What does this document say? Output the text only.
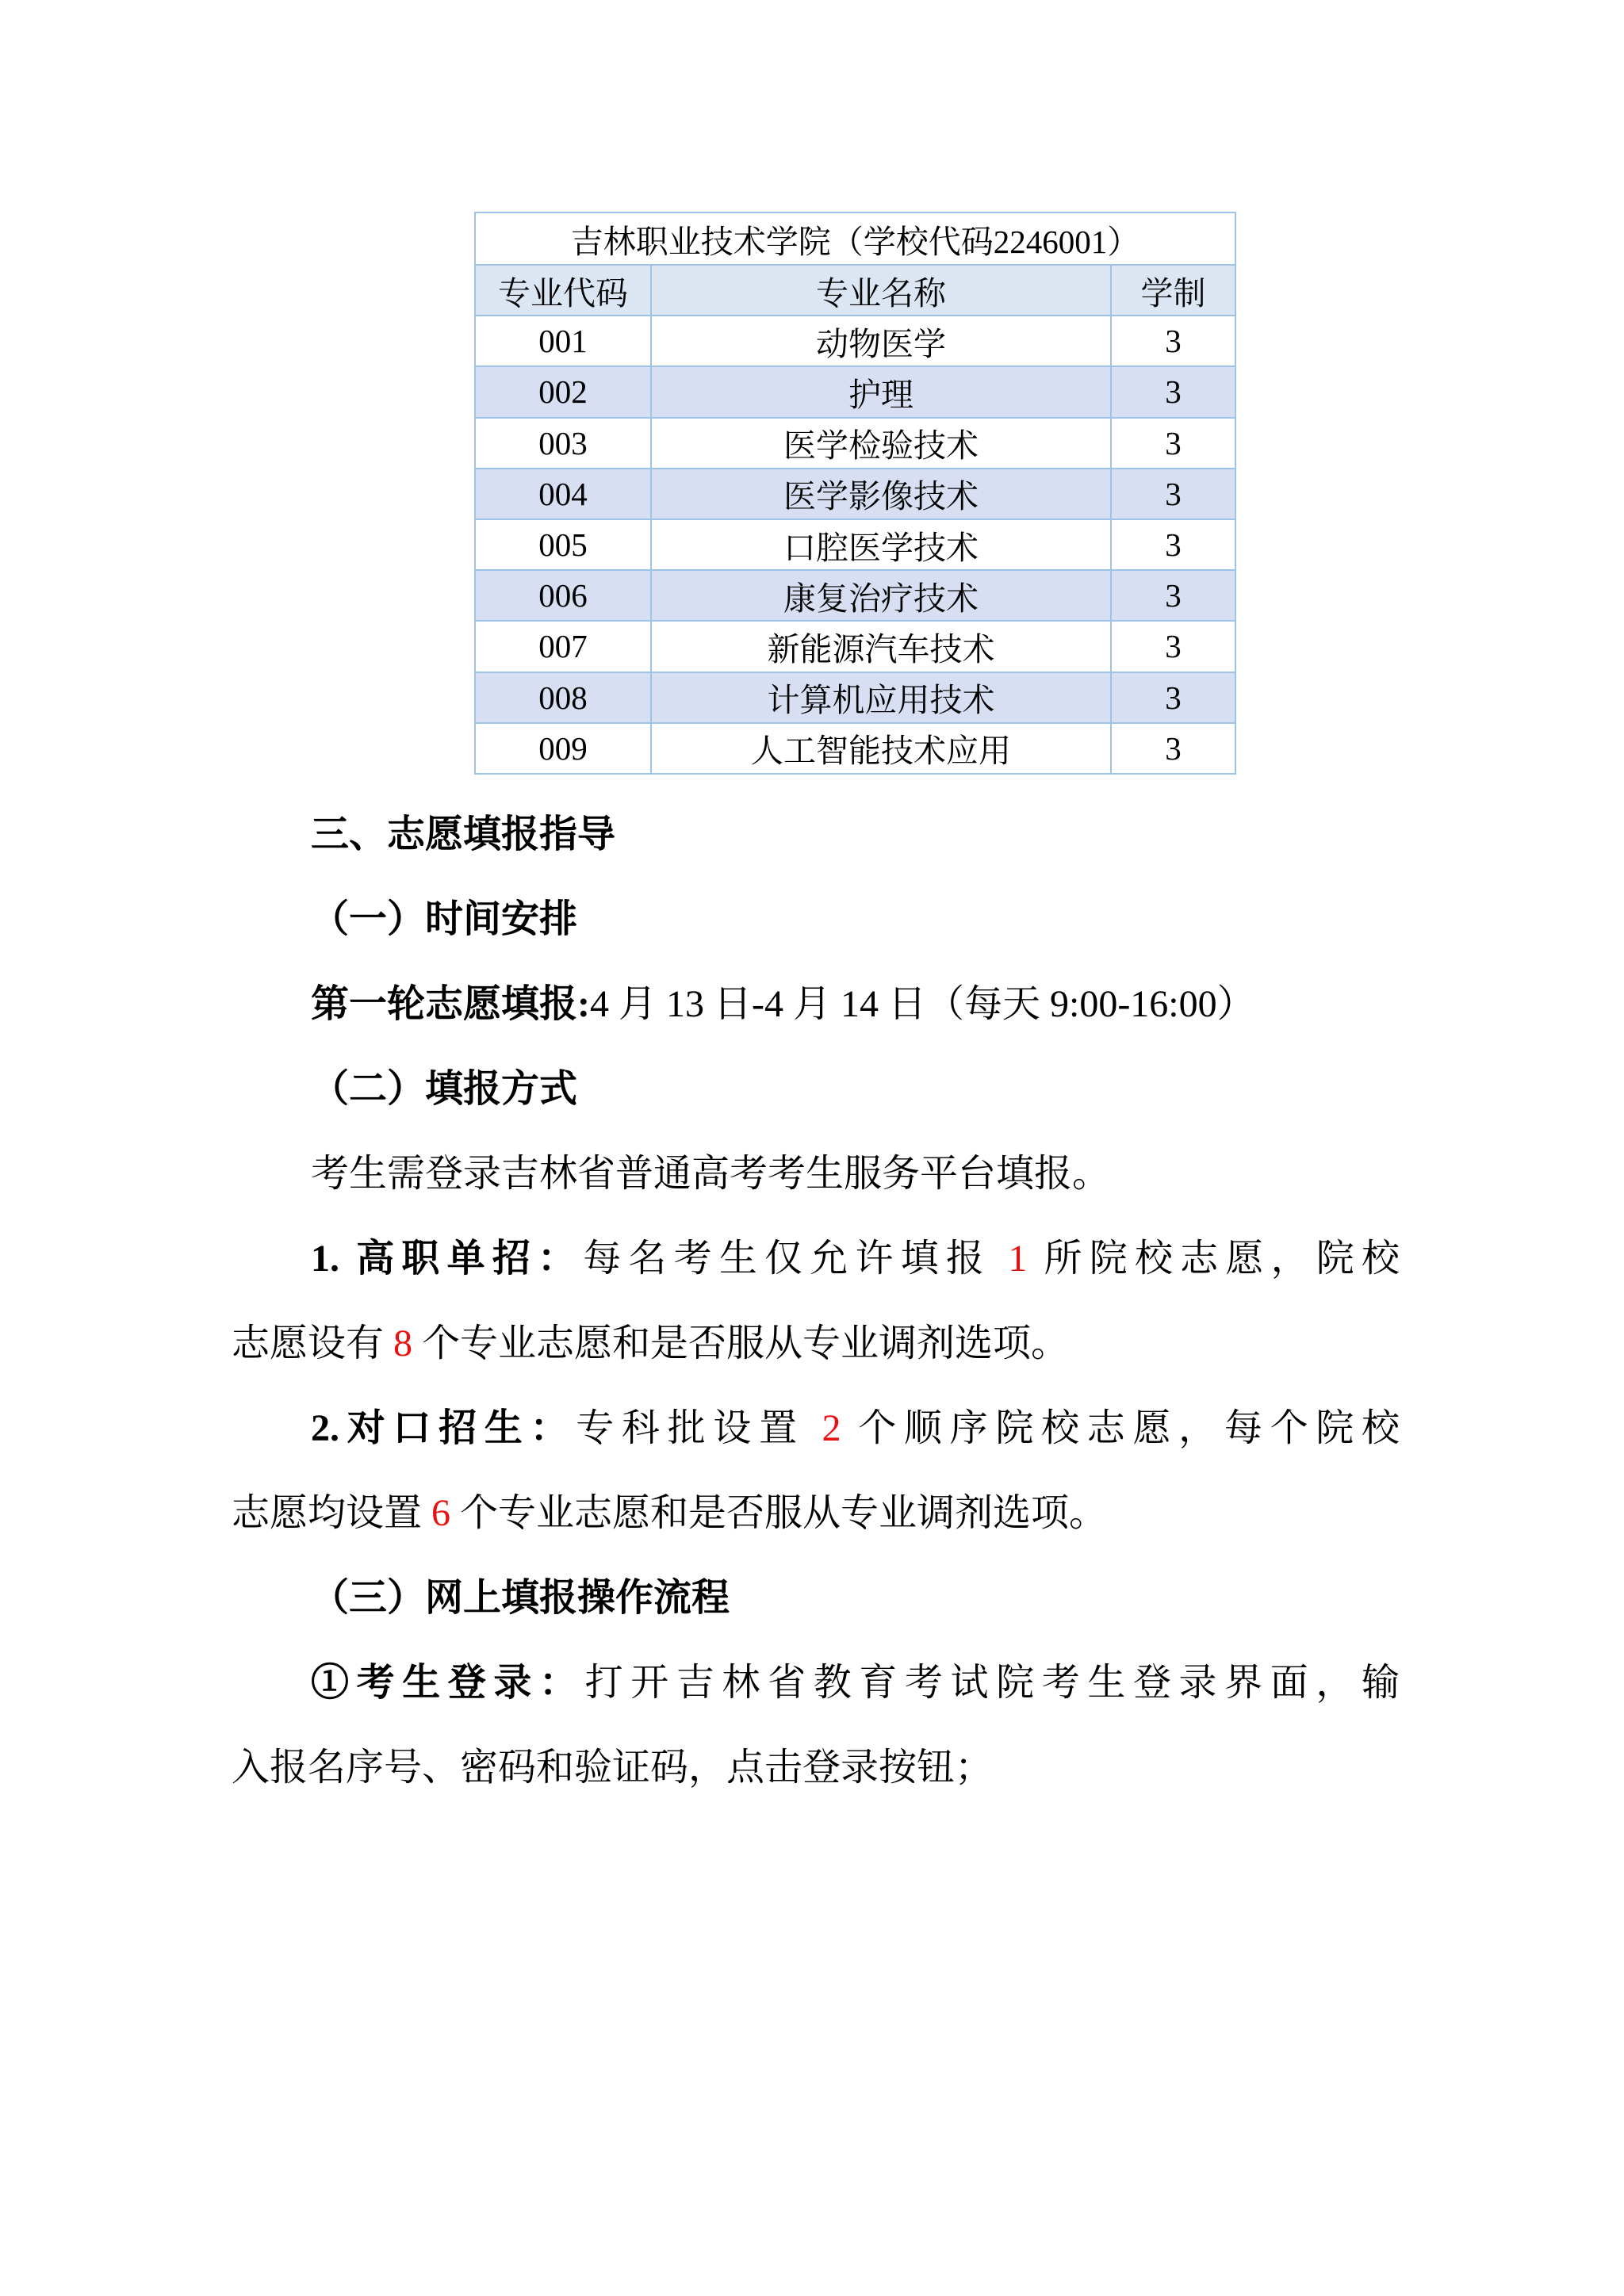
吉林职业技术学院（学校代码2246001）		
专业代码	专业名称	学制
001	动物医学	3
002	护理	3
003	医学检验技术	3
004	医学影像技术	3
005	口腔医学技术	3
006	康复治疗技术	3
007	新能源汽车技术	3
008	计算机应用技术	3
009	人工智能技术应用	3
三、志愿填报指导
（一）时间安排
第一轮志愿填报:4 月 13 日-4 月 14 日（每天 9:00-16:00）
（二）填报方式
考生需登录吉林省普通高考考生服务平台填报。
1. 高职单招：每名考生仅允许填报 1 所院校志愿，院校
志愿设有 8 个专业志愿和是否服从专业调剂选项。
2.对口招生：专科批设置 2 个顺序院校志愿，每个院校
志愿均设置 6 个专业志愿和是否服从专业调剂选项。
（三）网上填报操作流程
①考生登录：打开吉林省教育考试院考生登录界面，输
入报名序号、密码和验证码，点击登录按钮；
